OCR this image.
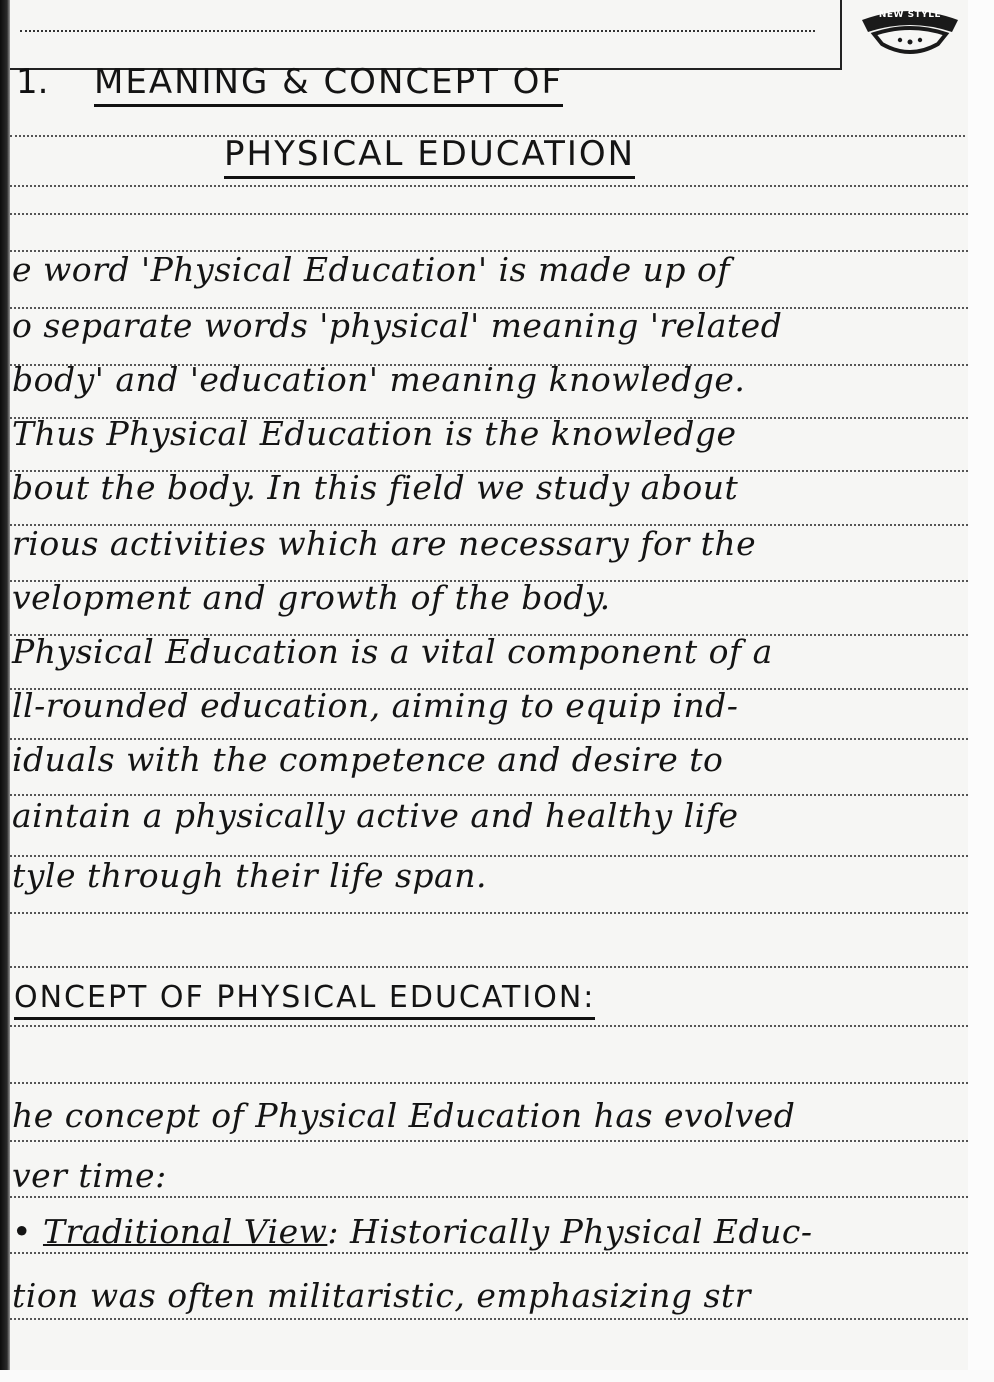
NEW STYLE
1. MEANING & CONCEPT OF
PHYSICAL EDUCATION
e word 'Physical Education' is made up of
o separate words 'physical' meaning 'related
body' and 'education' meaning knowledge.
Thus Physical Education is the knowledge
bout the body. In this field we study about
rious activities which are necessary for the
velopment and growth of the body.
Physical Education is a vital component of a
ll-rounded education, aiming to equip ind-
iduals with the competence and desire to
aintain a physically active and healthy life
tyle through their life span.
ONCEPT OF PHYSICAL EDUCATION:
he concept of Physical Education has evolved
ver time:
• Traditional View: Historically Physical Educ-
tion was often militaristic, emphasizing str
